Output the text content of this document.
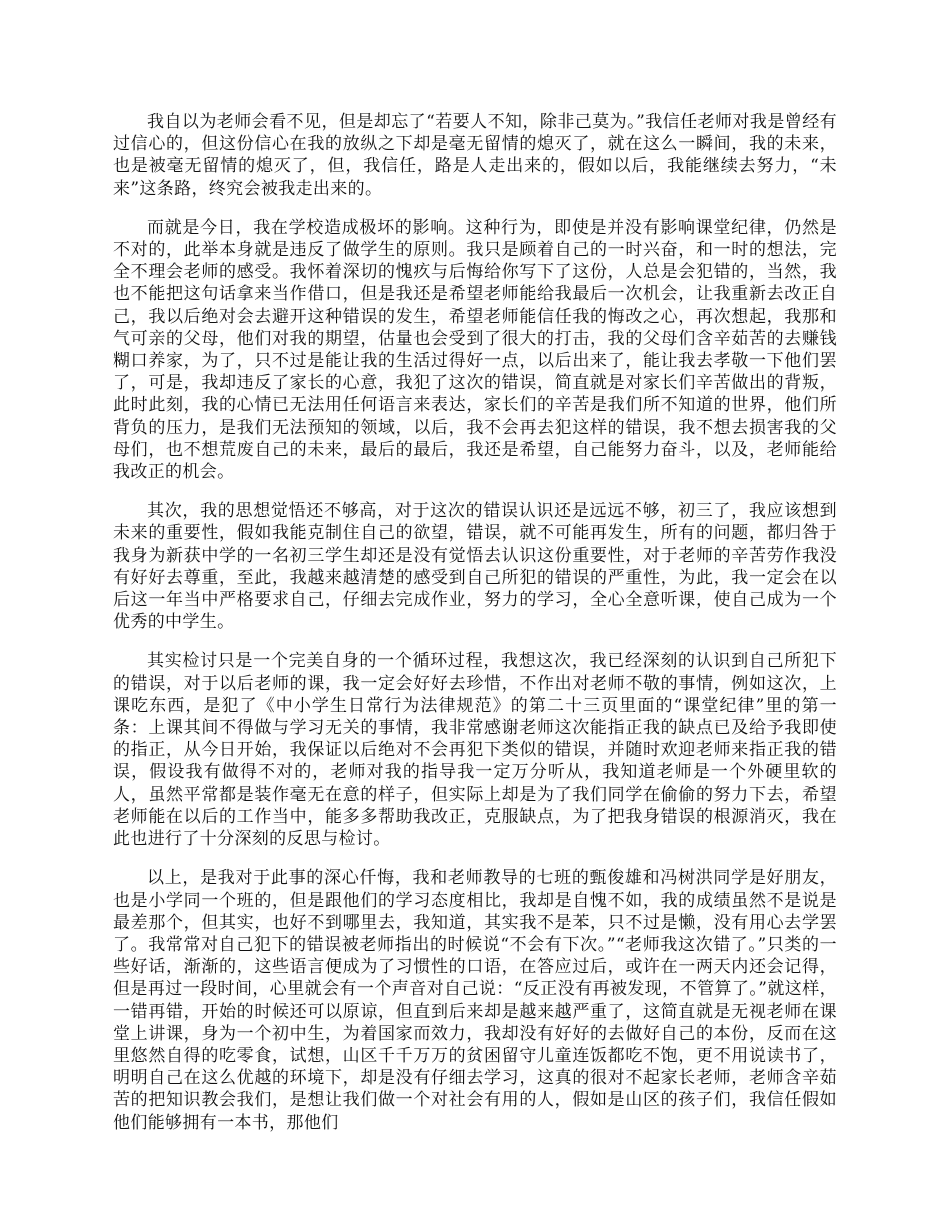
我自以为老师会看不见，但是却忘了“若要人不知，除非己莫为。”我信任老师对我是曾经有过信心的，但这份信心在我的放纵之下却是毫无留情的熄灭了，就在这么一瞬间，我的未来，也是被毫无留情的熄灭了，但，我信任，路是人走出来的，假如以后，我能继续去努力，“未来”这条路，终究会被我走出来的。

而就是今日，我在学校造成极坏的影响。这种行为，即使是并没有影响课堂纪律，仍然是不对的，此举本身就是违反了做学生的原则。我只是顾着自己的一时兴奋，和一时的想法，完全不理会老师的感受。我怀着深切的愧疚与后悔给你写下了这份，人总是会犯错的，当然，我也不能把这句话拿来当作借口，但是我还是希望老师能给我最后一次机会，让我重新去改正自己，我以后绝对会去避开这种错误的发生，希望老师能信任我的悔改之心，再次想起，我那和气可亲的父母，他们对我的期望，估量也会受到了很大的打击，我的父母们含辛茹苦的去赚钱糊口养家，为了，只不过是能让我的生活过得好一点，以后出来了，能让我去孝敬一下他们罢了，可是，我却违反了家长的心意，我犯了这次的错误，简直就是对家长们辛苦做出的背叛，此时此刻，我的心情已无法用任何语言来表达，家长们的辛苦是我们所不知道的世界，他们所背负的压力，是我们无法预知的领域，以后，我不会再去犯这样的错误，我不想去损害我的父母们，也不想荒废自己的未来，最后的最后，我还是希望，自己能努力奋斗，以及，老师能给我改正的机会。

其次，我的思想觉悟还不够高，对于这次的错误认识还是远远不够，初三了，我应该想到未来的重要性，假如我能克制住自己的欲望，错误，就不可能再发生，所有的问题，都归咎于我身为新获中学的一名初三学生却还是没有觉悟去认识这份重要性，对于老师的辛苦劳作我没有好好去尊重，至此，我越来越清楚的感受到自己所犯的错误的严重性，为此，我一定会在以后这一年当中严格要求自己，仔细去完成作业，努力的学习，全心全意听课，使自己成为一个优秀的中学生。

其实检讨只是一个完美自身的一个循环过程，我想这次，我已经深刻的认识到自己所犯下的错误，对于以后老师的课，我一定会好好去珍惜，不作出对老师不敬的事情，例如这次，上课吃东西，是犯了《中小学生日常行为法律规范》的第二十三页里面的“课堂纪律”里的第一条：上课其间不得做与学习无关的事情，我非常感谢老师这次能指正我的缺点已及给予我即使的指正，从今日开始，我保证以后绝对不会再犯下类似的错误，并随时欢迎老师来指正我的错误，假设我有做得不对的，老师对我的指导我一定万分听从，我知道老师是一个外硬里软的人，虽然平常都是装作毫无在意的样子，但实际上却是为了我们同学在偷偷的努力下去，希望老师能在以后的工作当中，能多多帮助我改正，克服缺点，为了把我身错误的根源消灭，我在此也进行了十分深刻的反思与检讨。

以上，是我对于此事的深心仟悔，我和老师教导的七班的甄俊雄和冯树洪同学是好朋友，也是小学同一个班的，但是跟他们的学习态度相比，我却是自愧不如，我的成绩虽然不是说是最差那个，但其实，也好不到哪里去，我知道，其实我不是苯，只不过是懒，没有用心去学罢了。我常常对自己犯下的错误被老师指出的时候说“不会有下次。”“老师我这次错了。”只类的一些好话，渐渐的，这些语言便成为了习惯性的口语，在答应过后，或许在一两天内还会记得，但是再过一段时间，心里就会有一个声音对自己说：“反正没有再被发现，不管算了。”就这样，一错再错，开始的时候还可以原谅，但直到后来却是越来越严重了，这简直就是无视老师在课堂上讲课，身为一个初中生，为着国家而效力，我却没有好好的去做好自己的本份，反而在这里悠然自得的吃零食，试想，山区千千万万的贫困留守儿童连饭都吃不饱，更不用说读书了，明明自己在这么优越的环境下，却是没有仔细去学习，这真的很对不起家长老师，老师含辛茹苦的把知识教会我们，是想让我们做一个对社会有用的人，假如是山区的孩子们，我信任假如他们能够拥有一本书，那他们
